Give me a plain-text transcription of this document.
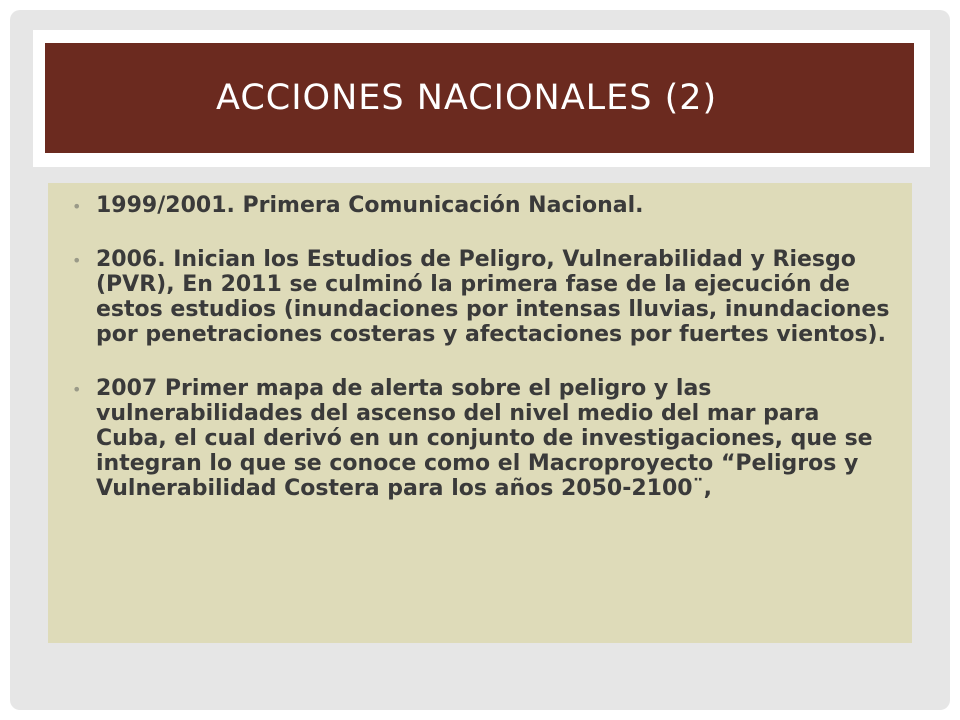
ACCIONES NACIONALES (2)
• 1999/2001. Primera Comunicación Nacional.
• 2006. Inician los Estudios de Peligro, Vulnerabilidad y Riesgo (PVR), En 2011 se culminó la primera fase de la ejecución de estos estudios (inundaciones por intensas lluvias, inundaciones por penetraciones costeras y afectaciones por fuertes vientos).
• 2007 Primer mapa de alerta sobre el peligro y las vulnerabilidades del ascenso del nivel medio del mar para Cuba, el cual derivó en un conjunto de investigaciones, que se integran lo que se conoce como el Macroproyecto “Peligros y Vulnerabilidad Costera para los años 2050-2100¨,
